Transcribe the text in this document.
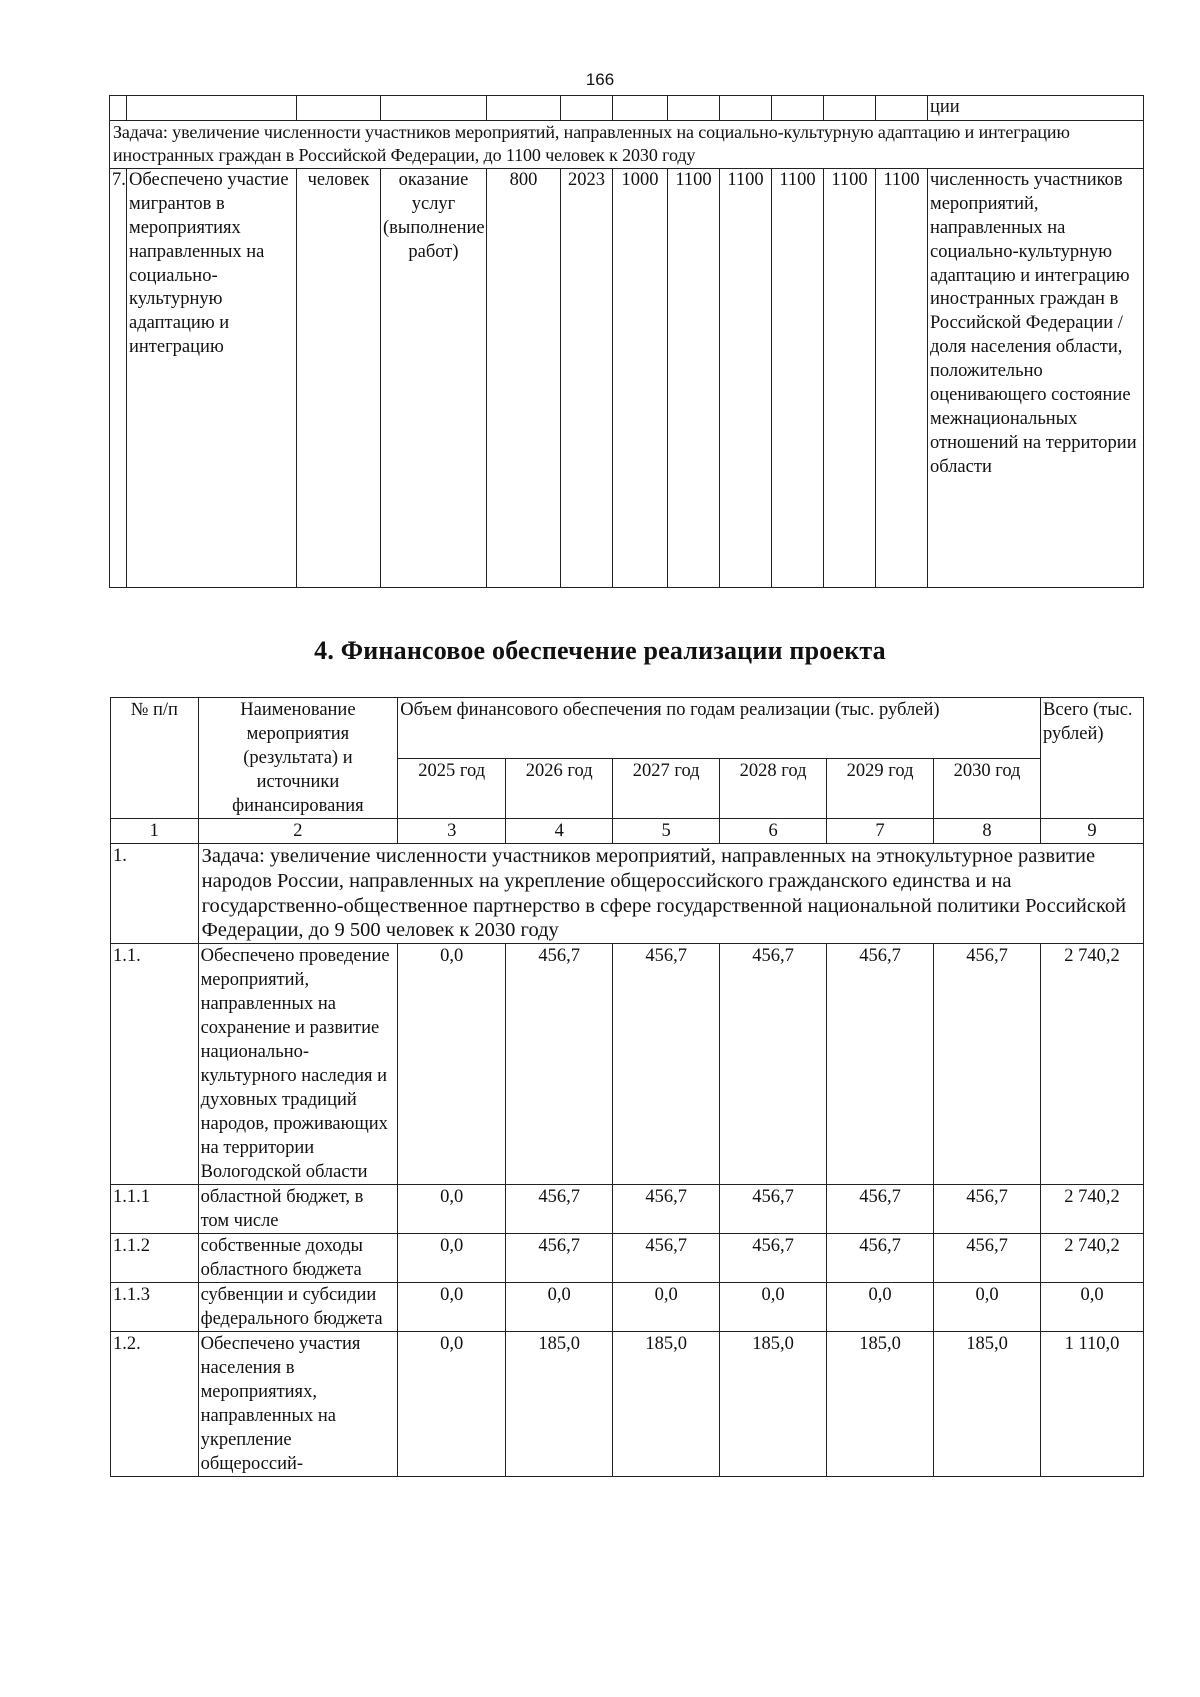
166
												ции
Задача: увеличение численности участников мероприятий, направленных на социально-культурную адаптацию и интеграцию иностранных граждан в Российской Федерации, до 1100 человек к 2030 году												
7.	Обеспечено участие мигрантов в мероприятиях направленных на социально-культурную адаптацию и интеграцию	человек	оказание услуг (выполнение работ)	800	2023	1000	1100	1100	1100	1100	1100	численность участников мероприятий, направленных на социально-культурную адаптацию и интеграцию иностранных граждан в Российской Федерации / доля населения области, положительно оценивающего состояние межнациональных отношений на территории области
4. Финансовое обеспечение реализации проекта
№ п/п	Наименование мероприятия (результата) и источники финансирования	Объем финансового обеспечения по годам реализации (тыс. рублей)						Всего (тыс. рублей)
		2025 год	2026 год	2027 год	2028 год	2029 год	2030 год	
1	2	3	4	5	6	7	8	9
1.	Задача: увеличение численности участников мероприятий, направленных на этнокультурное развитие народов России, направленных на укрепление общероссийского гражданского единства и на государственно-общественное партнерство в сфере государственной национальной политики Российской Федерации, до 9 500 человек к 2030 году							
1.1.	Обеспечено проведение мероприятий, направленных на сохранение и развитие национально-культурного наследия и духовных традиций народов, проживающих на территории Вологодской области	0,0	456,7	456,7	456,7	456,7	456,7	2 740,2
1.1.1	областной бюджет, в том числе	0,0	456,7	456,7	456,7	456,7	456,7	2 740,2
1.1.2	собственные доходы областного бюджета	0,0	456,7	456,7	456,7	456,7	456,7	2 740,2
1.1.3	субвенции и субсидии федерального бюджета	0,0	0,0	0,0	0,0	0,0	0,0	0,0
1.2.	Обеспечено участия населения в мероприятиях, направленных на укрепление общероссий-	0,0	185,0	185,0	185,0	185,0	185,0	1 110,0
